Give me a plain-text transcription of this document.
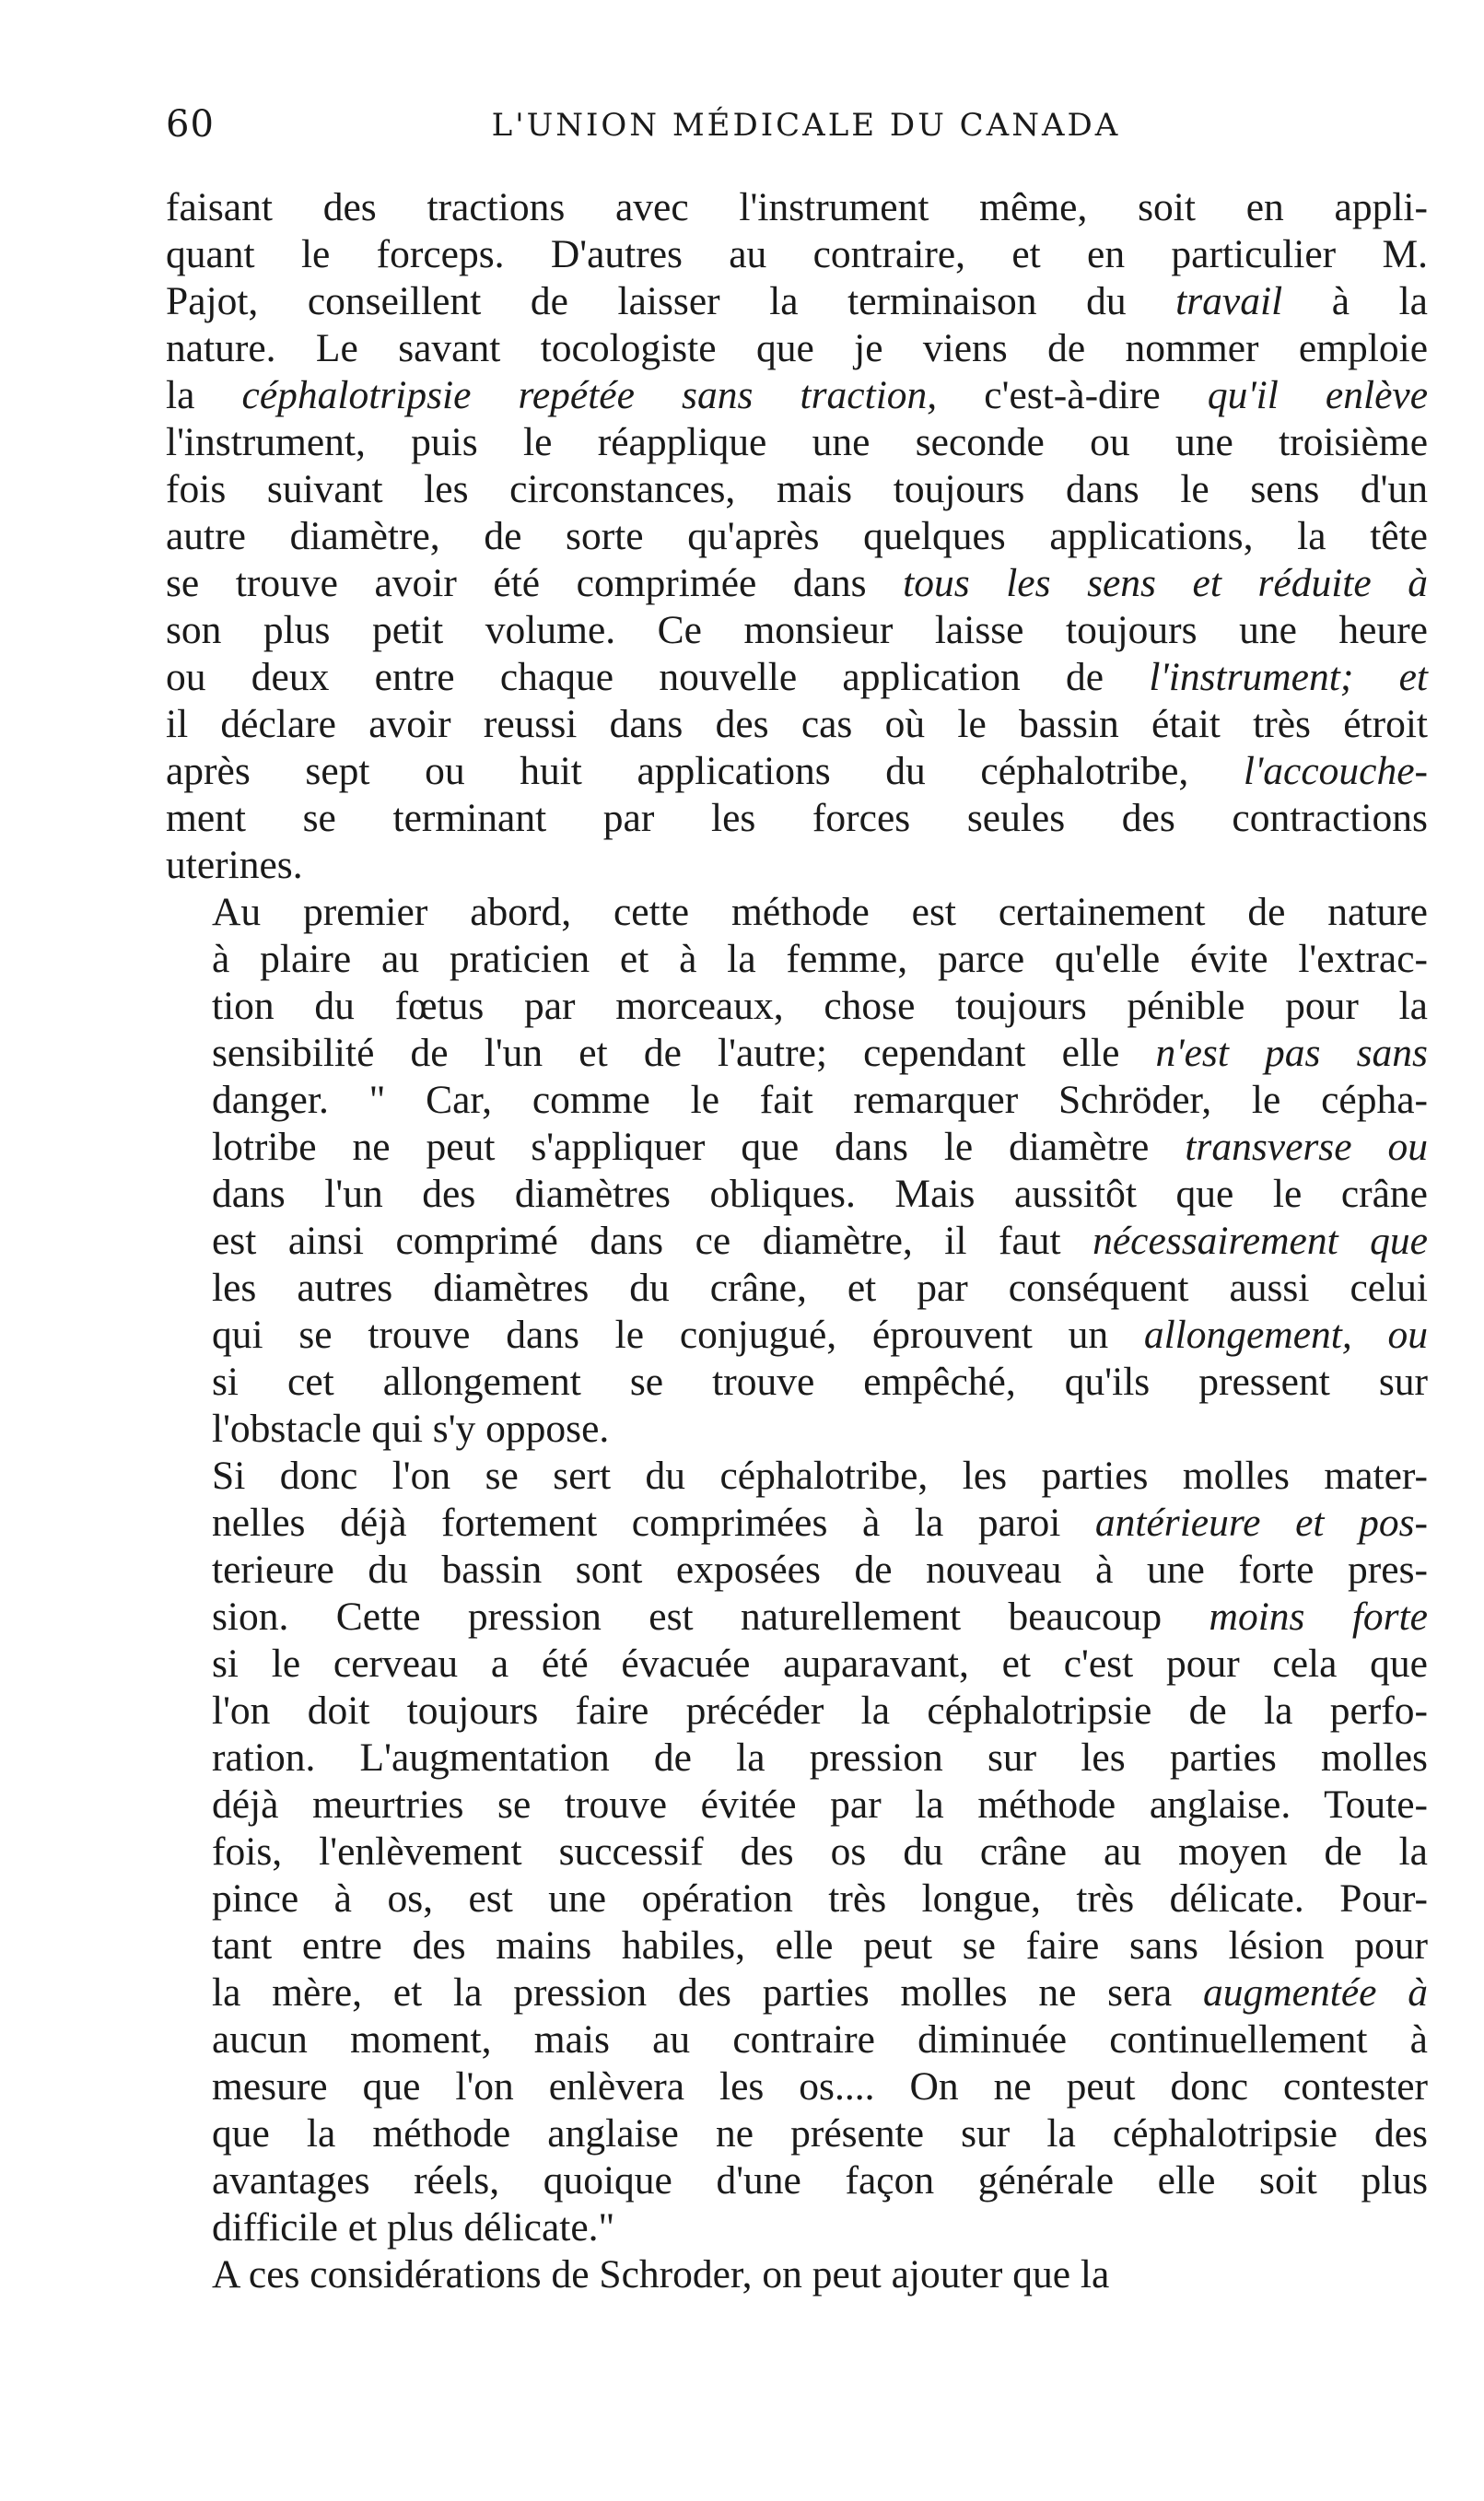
60	L'UNION MÉDICALE DU CANADA
faisant des tractions avec l'instrument même, soit en appli-
quant le forceps. D'autres au contraire, et en particulier M.
Pajot, conseillent de laisser la terminaison du travail à la
nature. Le savant tocologiste que je viens de nommer emploie
la céphalotripsie repétée sans traction, c'est-à-dire qu'il enlève
l'instrument, puis le réapplique une seconde ou une troisième
fois suivant les circonstances, mais toujours dans le sens d'un
autre diamètre, de sorte qu'après quelques applications, la tête
se trouve avoir été comprimée dans tous les sens et réduite à
son plus petit volume. Ce monsieur laisse toujours une heure
ou deux entre chaque nouvelle application de l'instrument; et
il déclare avoir reussi dans des cas où le bassin était très étroit
après sept ou huit applications du céphalotribe, l'accouche-
ment se terminant par les forces seules des contractions
uterines.
Au premier abord, cette méthode est certainement de nature
à plaire au praticien et à la femme, parce qu'elle évite l'extrac-
tion du fœtus par morceaux, chose toujours pénible pour la
sensibilité de l'un et de l'autre; cependant elle n'est pas sans
danger. " Car, comme le fait remarquer Schröder, le cépha-
lotribe ne peut s'appliquer que dans le diamètre transverse ou
dans l'un des diamètres obliques. Mais aussitôt que le crâne
est ainsi comprimé dans ce diamètre, il faut nécessairement que
les autres diamètres du crâne, et par conséquent aussi celui
qui se trouve dans le conjugué, éprouvent un allongement, ou
si cet allongement se trouve empêché, qu'ils pressent sur
l'obstacle qui s'y oppose.
Si donc l'on se sert du céphalotribe, les parties molles mater-
nelles déjà fortement comprimées à la paroi antérieure et pos-
terieure du bassin sont exposées de nouveau à une forte pres-
sion. Cette pression est naturellement beaucoup moins forte
si le cerveau a été évacuée auparavant, et c'est pour cela que
l'on doit toujours faire précéder la céphalotripsie de la perfo-
ration. L'augmentation de la pression sur les parties molles
déjà meurtries se trouve évitée par la méthode anglaise. Toute-
fois, l'enlèvement successif des os du crâne au moyen de la
pince à os, est une opération très longue, très délicate. Pour-
tant entre des mains habiles, elle peut se faire sans lésion pour
la mère, et la pression des parties molles ne sera augmentée à
aucun moment, mais au contraire diminuée continuellement à
mesure que l'on enlèvera les os.... On ne peut donc contester
que la méthode anglaise ne présente sur la céphalotripsie des
avantages réels, quoique d'une façon générale elle soit plus
difficile et plus délicate."
A ces considérations de Schroder, on peut ajouter que la
